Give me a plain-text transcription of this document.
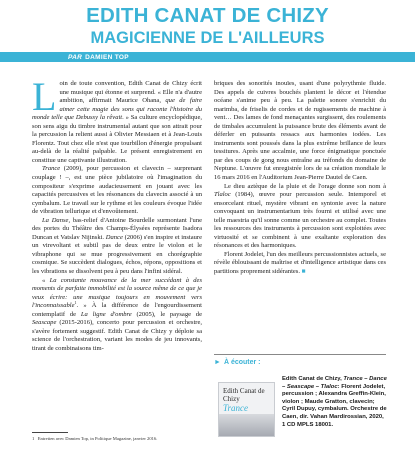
EDITH CANAT DE CHIZY
MAGICIENNE DE L'AILLEURS
PAR DAMIEN TOP

Loin de toute convention, Edith Canat de Chizy écrit une musique qui étonne et surprend. « Elle n'a d'autre ambition, affirmait Maurice Ohana, que de faire aimer cette magie des sons qui raconte l'histoire du monde telle que Debussy la rêvait. » Sa culture encyclopédique, son sens aigu du timbre instrumental autant que son attrait pour la percussion la relient aussi à Olivier Messiaen et à Jean-Louis Florentz. Tout chez elle n'est que tourbillon d'énergie propulsant au-delà de la réalité palpable. Le présent enregistrement en constitue une captivante illustration.

Trance (2009), pour percussion et clavecin – surprenant couplage ! –, est une pièce jubilatoire où l'imagination du compositeur s'exprime audacieusement en jouant avec les capacités percussives et les résonances du clavecin associé à un cymbalum. Le travail sur le rythme et les couleurs évoque l'idée de vibration tellurique et d'envoûtement.

La Danse, bas-relief d'Antoine Bourdelle surmontant l'une des portes du Théâtre des Champs-Élysées représente Isadora Duncan et Vatslav Nijinski. Dance (2006) s'en inspire et instaure un virevoltant et subtil pas de deux entre le violon et le vibraphone qui se mue progressivement en chorégraphie cosmique. Se succèdent dialogues, échos, répons, oppositions et les vibrations se dissolvent peu à peu dans l'infini sidéral.

« La constante mouvance de la mer succédant à des moments de parfaite immobilité est la source même de ce que je veux écrire: une musique toujours en mouvement vers l'inconnaissable$^1$. » À la différence de l'engourdissement contemplatif de La ligne d'ombre (2005), le paysage de Seascape (2015-2016), concerto pour percussion et orchestre, s'avère fortement suggestif. Edith Canat de Chizy y déploie sa science de l'orchestration, variant les modes de jeu innovants, tirant de combinaisons tim-

briques des sonorités inouïes, usant d'une polyrythmie fluide. Des appels de cuivres bouchés plantent le décor et l'étendue océane s'anime peu à peu. La palette sonore s'enrichit du marimba, de friselis de cordes et de rugissements de machine à vent… Des lames de fond menaçantes surgissent, des roulements de timbales accumulent la puissance brute des éléments avant de déferler en puissants ressacs aux harmonies iodées. Les instruments sont poussés dans la plus extrême brillance de leurs tessitures. Après une accalmie, une force énigmatique ponctuée par des coups de gong nous entraîne au tréfonds du domaine de Neptune. L'œuvre fut enregistrée lors de sa création mondiale le 16 mars 2016 en l'Auditorium Jean-Pierre Dautel de Caen.

Le dieu aztèque de la pluie et de l'orage donne son nom à Tlaloc (1984), œuvre pour percussion seule. Intemporel et ensorcelant rituel, mystère vibrant en syntonie avec la nature convoquant un instrumentarium très fourni et utilisé avec une telle maestria qu'il sonne comme un orchestre au complet. Toutes les ressources des instruments à percussion sont exploitées avec virtuosité et se combinent à une exaltante exploration des résonances et des harmoniques.

Florent Jodelet, l'un des meilleurs percussionnistes actuels, se révèle éblouissant de maîtrise et d'intelligence artistique dans ces partitions proprement sidérantes. ■

1 Entretien avec Damien Top, in Politique Magazine, janvier 2016.
► À écouter :
Edith Canat de Chizy
Trance
Edith Canat de Chizy, Trance – Dance – Seascape – Tlaloc: Florent Jodelet, percussion ; Alexandra Greffin-Klein, violon ; Maude Gratton, clavecin; Cyril Dupuy, cymbalum. Orchestre de Caen, dir. Vahan Mardirossian, 2020, 1 CD MPLS 18001.
